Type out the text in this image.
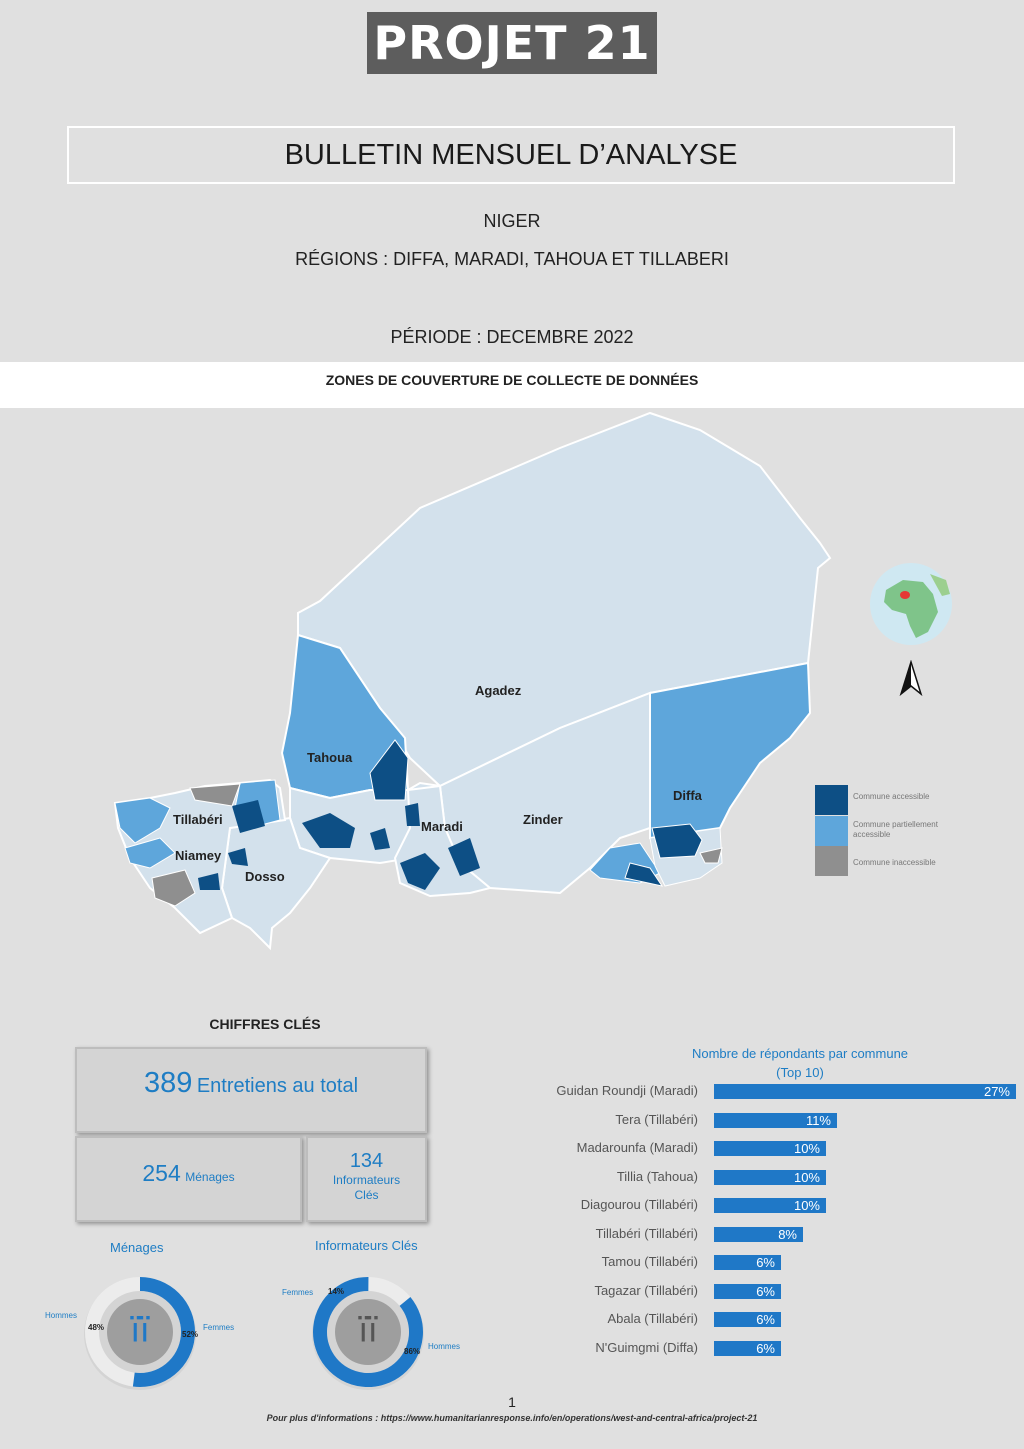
PROJET 21
BULLETIN MENSUEL D’ANALYSE
NIGER
RÉGIONS : DIFFA, MARADI, TAHOUA ET TILLABERI
PÉRIODE : DECEMBRE 2022
ZONES DE COUVERTURE DE COLLECTE DE DONNÉES
Agadez
Tahoua
Tillabéri
Niamey
Dosso
Maradi	Zinder
Diffa	Commune accessible
Commune partiellement accessible
Commune inaccessible
CHIFFRES CLÉS
389 Entretiens au total
254 Ménages
134
Informateurs Clés
Ménages	Informateurs Clés
ïï
Hommes
48%	Femmes
52%	ïï
Femmes 14%
Hommes
86%
Nombre de répondants par commune
(Top 10)
Guidan Roundji (Maradi)	27%
Tera (Tillabéri)	11%
Madarounfa (Maradi)	10%
Tillia (Tahoua)	10%
Diagourou (Tillabéri)	10%
Tillabéri (Tillabéri)	8%
Tamou (Tillabéri)	6%
Tagazar (Tillabéri)	6%
Abala (Tillabéri)	6%
N'Guimgmi (Diffa)	6%
1
Pour plus d'informations : https://www.humanitarianresponse.info/en/operations/west-and-central-africa/project-21
